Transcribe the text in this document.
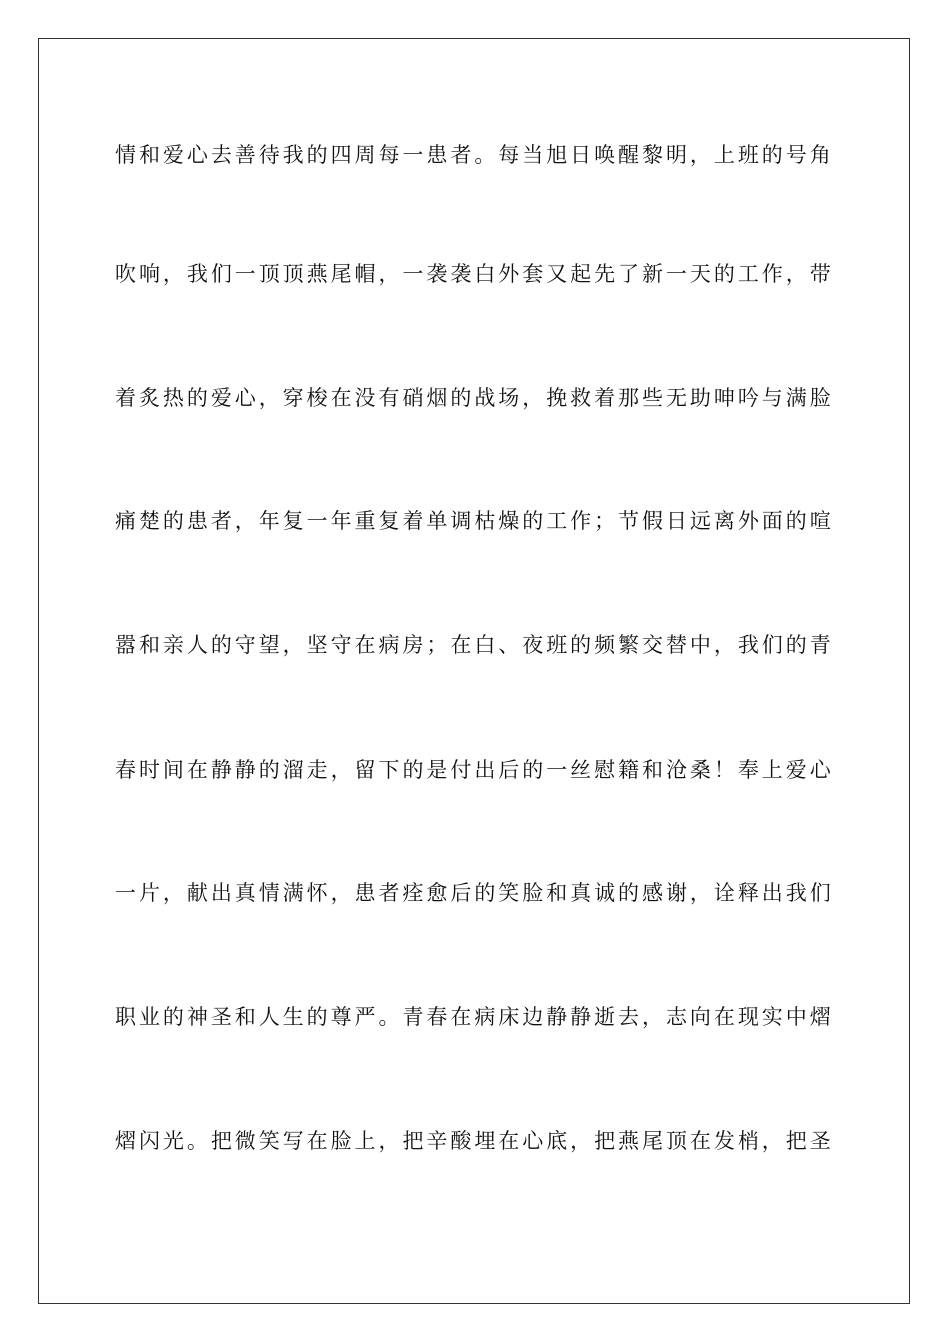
情和爱心去善待我的四周每一患者。每当旭日唤醒黎明，上班的号角
吹响，我们一顶顶燕尾帽，一袭袭白外套又起先了新一天的工作，带
着炙热的爱心，穿梭在没有硝烟的战场，挽救着那些无助呻吟与满脸
痛楚的患者，年复一年重复着单调枯燥的工作；节假日远离外面的喧
嚣和亲人的守望，坚守在病房；在白、夜班的频繁交替中，我们的青
春时间在静静的溜走，留下的是付出后的一丝慰籍和沧桑！奉上爱心
一片，献出真情满怀，患者痊愈后的笑脸和真诚的感谢，诠释出我们
职业的神圣和人生的尊严。青春在病床边静静逝去，志向在现实中熠
熠闪光。把微笑写在脸上，把辛酸埋在心底，把燕尾顶在发梢，把圣
